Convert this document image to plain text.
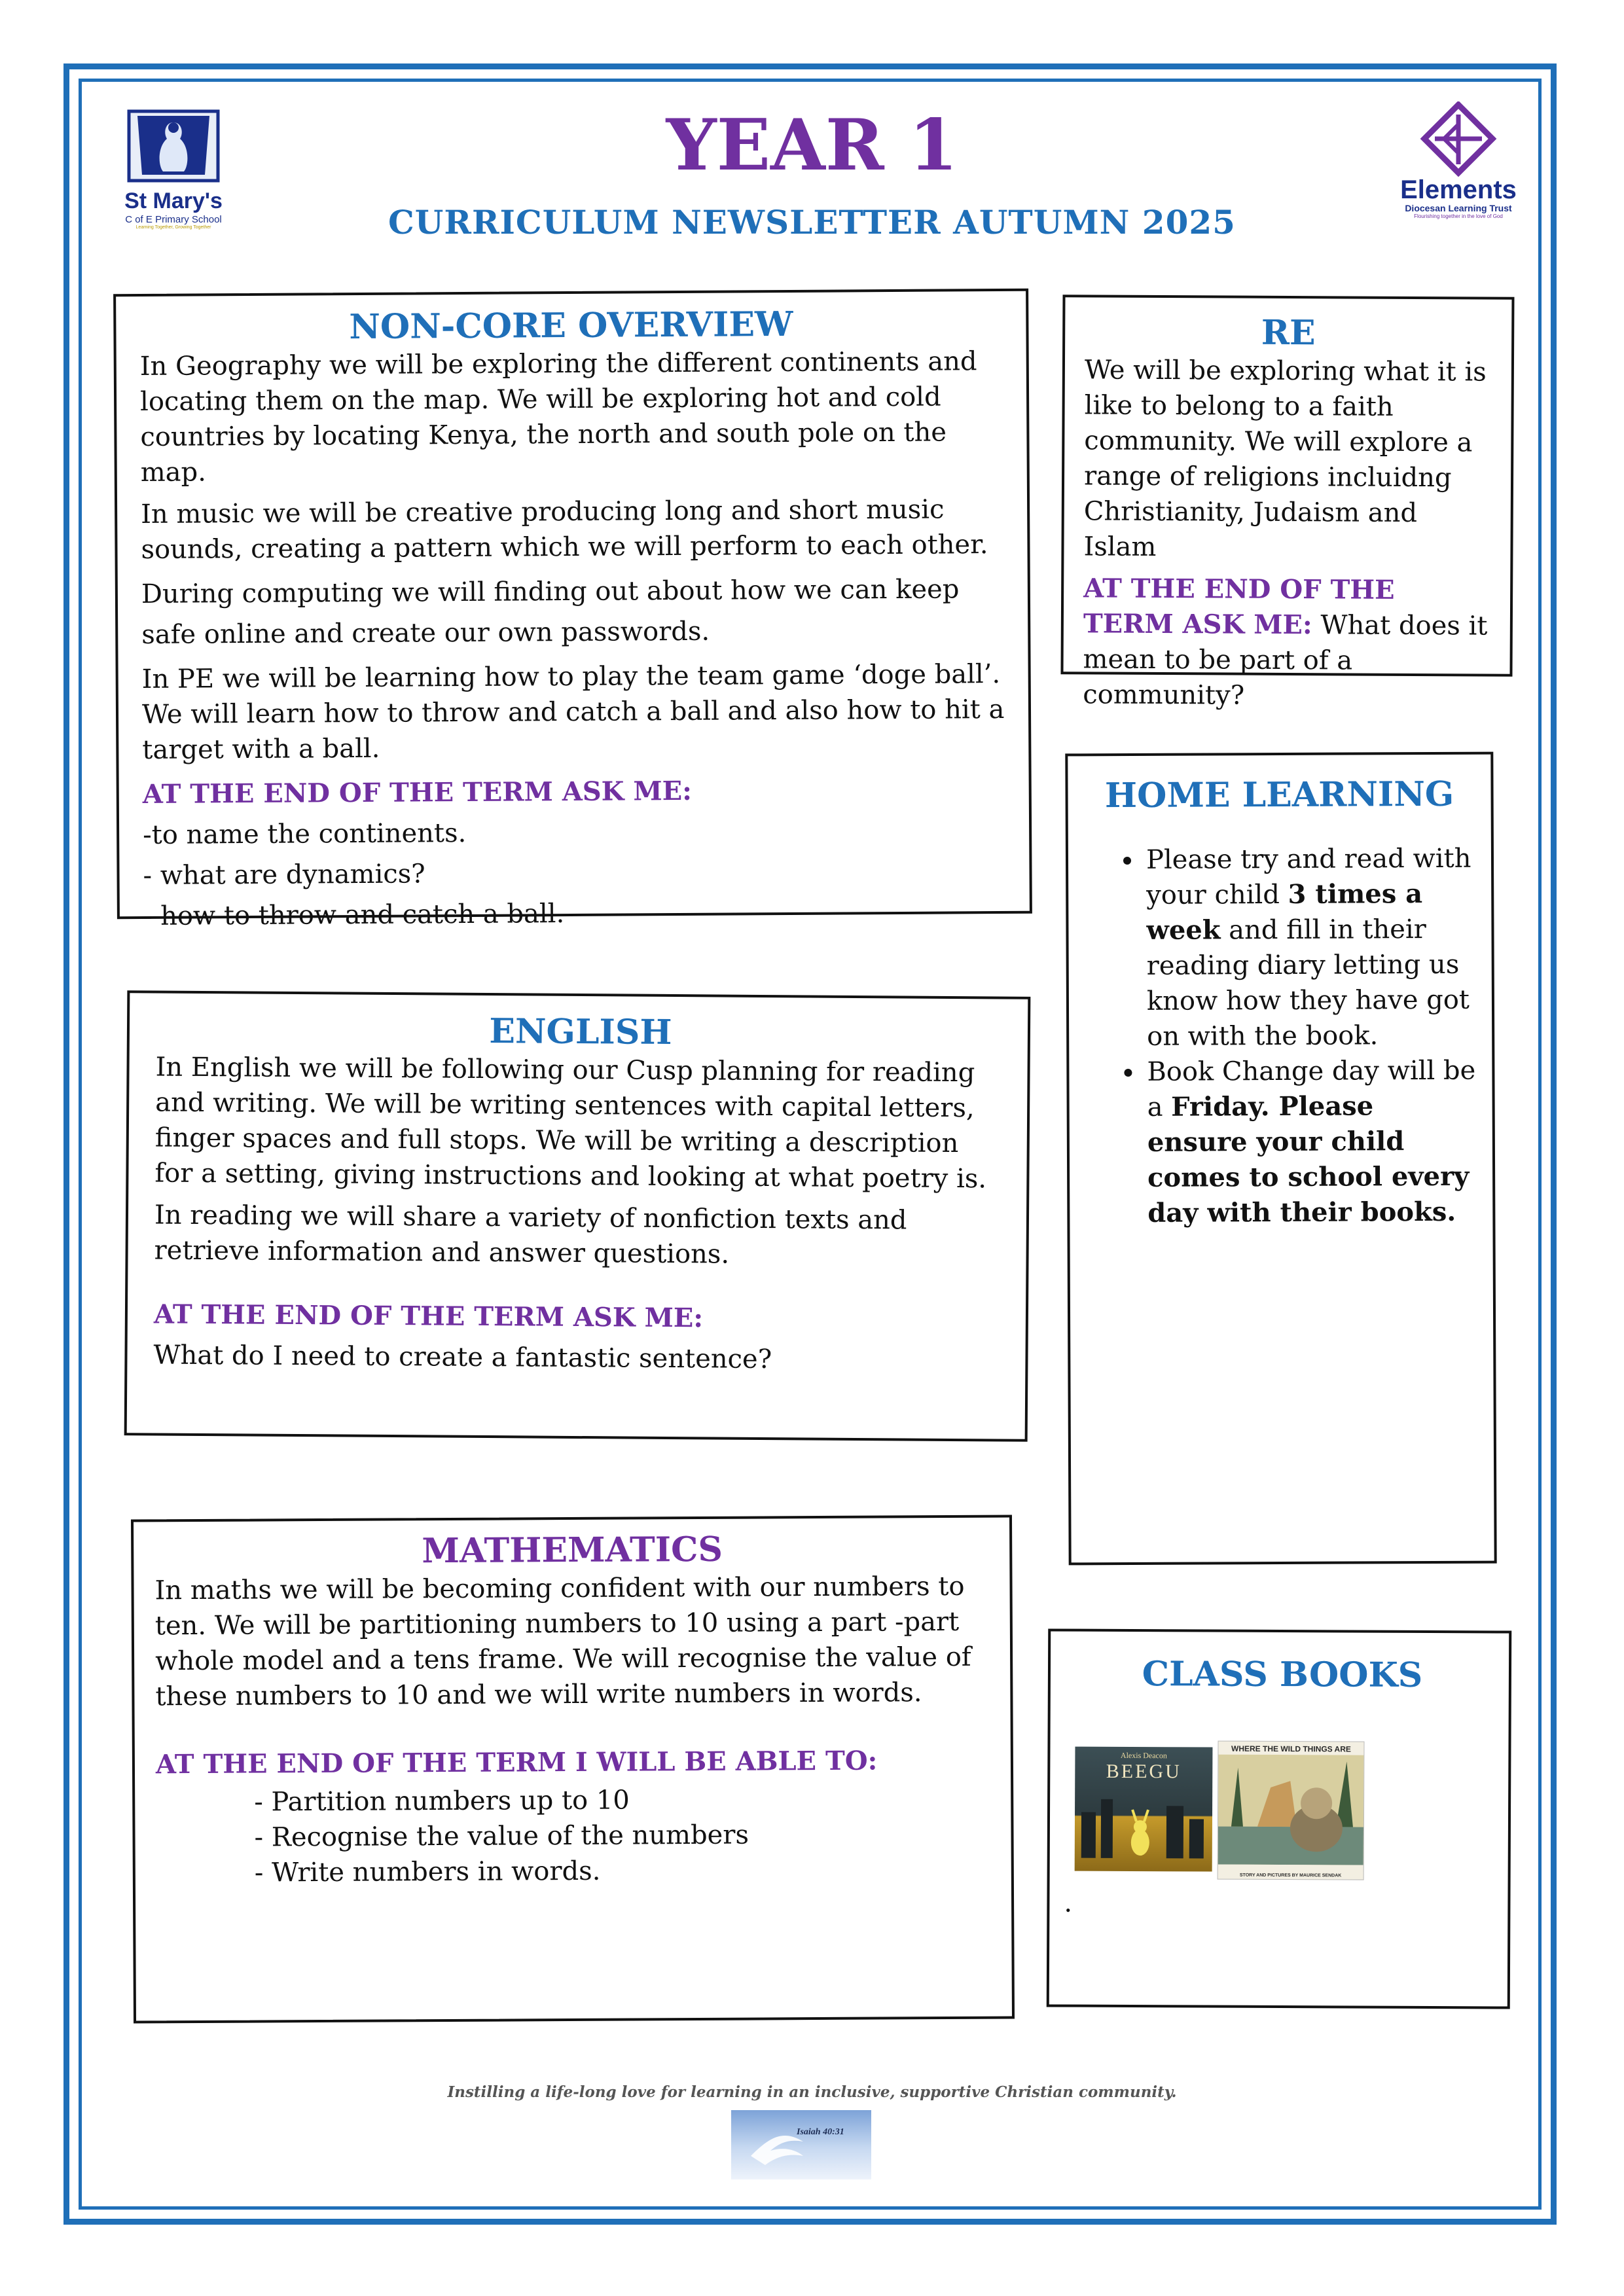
St Mary's
C of E Primary School
Learning Together, Growing Together
Elements
Diocesan Learning Trust
Flourishing together in the love of God
YEAR 1
CURRICULUM NEWSLETTER AUTUMN 2025
NON-CORE OVERVIEW

In Geography we will be exploring the different continents and locating them on the map. We will be exploring hot and cold countries by locating Kenya, the north and south pole on the map.

In music we will be creative producing long and short music sounds, creating a pattern which we will perform to each other.

During computing we will finding out about how we can keep safe online and create our own passwords.

In PE we will be learning how to play the team game ‘doge ball’. We will learn how to throw and catch a ball and also how to hit a target with a ball.

AT THE END OF THE TERM ASK ME:
-to name the continents.
- what are dynamics?
- how to throw and catch a ball.
RE

We will be exploring what it is like to belong to a faith community. We will explore a range of religions incluidng Christianity, Judaism and Islam

AT THE END OF THE TERM ASK ME: What does it mean to be part of a community?

HOME LEARNING
• Please try and read with your child 3 times a week and fill in their reading diary letting us know how they have got on with the book.
• Book Change day will be a Friday. Please ensure your child comes to school every day with their books.
ENGLISH

In English we will be following our Cusp planning for reading and writing. We will be writing sentences with capital letters, finger spaces and full stops. We will be writing a description for a setting, giving instructions and looking at what poetry is.

In reading we will share a variety of nonfiction texts and retrieve information and answer questions.

AT THE END OF THE TERM ASK ME:
What do I need to create a fantastic sentence?
MATHEMATICS

In maths we will be becoming confident with our numbers to ten. We will be partitioning numbers to 10 using a part -part whole model and a tens frame. We will recognise the value of these numbers to 10 and we will write numbers in words.

AT THE END OF THE TERM I WILL BE ABLE TO:
- Partition numbers up to 10
- Recognise the value of the numbers
- Write numbers in words.
CLASS BOOKS
Alexis Deacon
BEEGU
WHERE THE WILD THINGS ARE
STORY AND PICTURES BY MAURICE SENDAK
.
Instilling a life-long love for learning in an inclusive, supportive Christian community.
Isaiah 40:31
